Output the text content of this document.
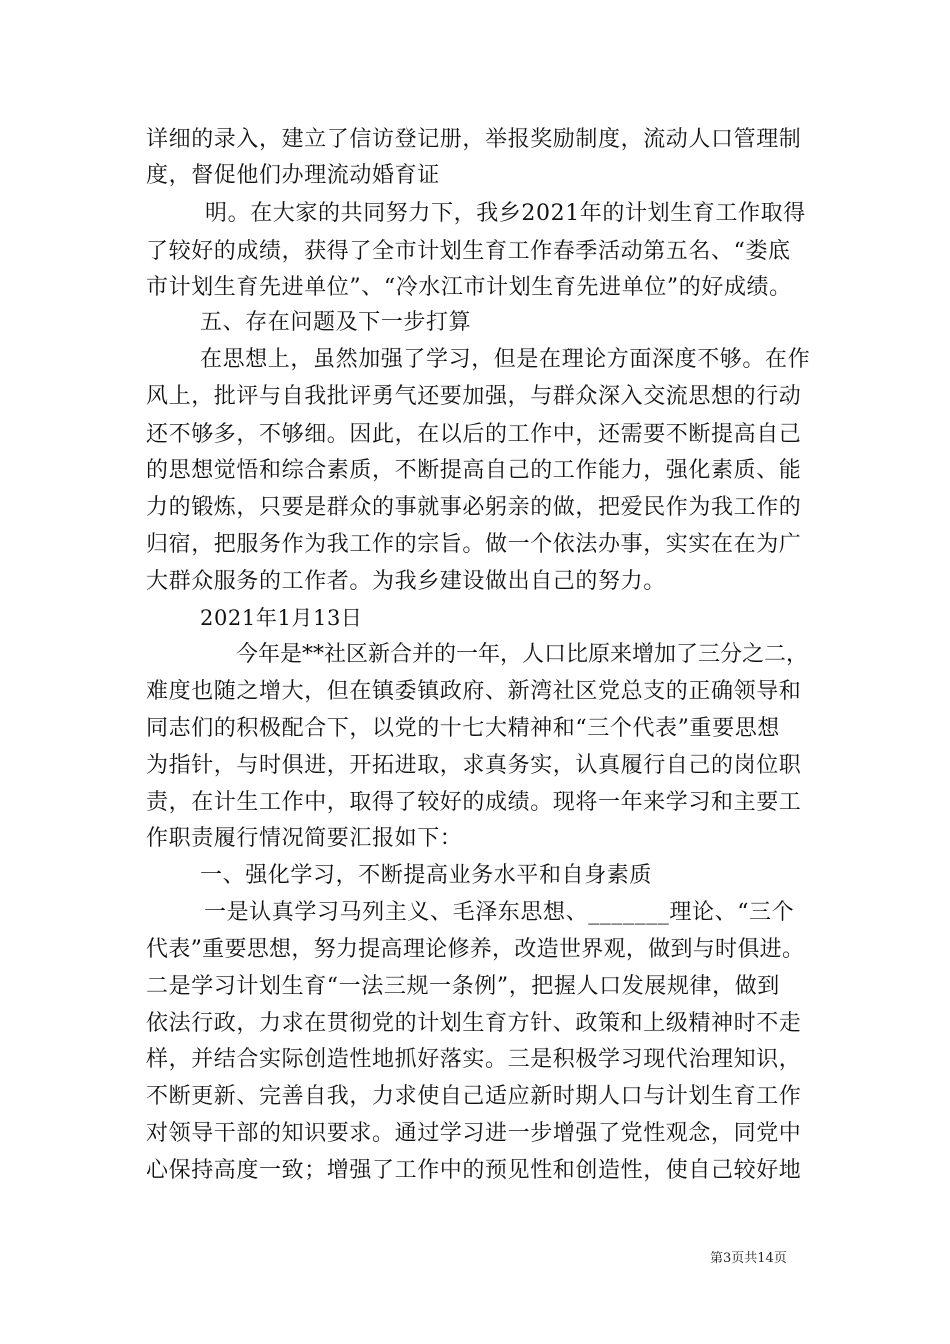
详细的录入，建立了信访登记册，举报奖励制度，流动人口管理制
度，督促他们办理流动婚育证
明。在大家的共同努力下，我乡2021年的计划生育工作取得
了较好的成绩，获得了全市计划生育工作春季活动第五名、“娄底
市计划生育先进单位”、“冷水江市计划生育先进单位”的好成绩。
五、存在问题及下一步打算
在思想上，虽然加强了学习，但是在理论方面深度不够。在作
风上，批评与自我批评勇气还要加强，与群众深入交流思想的行动
还不够多，不够细。因此，在以后的工作中，还需要不断提高自己
的思想觉悟和综合素质，不断提高自己的工作能力，强化素质、能
力的锻炼，只要是群众的事就事必躬亲的做，把爱民作为我工作的
归宿，把服务作为我工作的宗旨。做一个依法办事，实实在在为广
大群众服务的工作者。为我乡建设做出自己的努力。
2021年1月13日
今年是**社区新合并的一年，人口比原来增加了三分之二，
难度也随之增大，但在镇委镇政府、新湾社区党总支的正确领导和
同志们的积极配合下，以党的十七大精神和“三个代表”重要思想
为指针，与时俱进，开拓进取，求真务实，认真履行自己的岗位职
责，在计生工作中，取得了较好的成绩。现将一年来学习和主要工
作职责履行情况简要汇报如下：
一、强化学习，不断提高业务水平和自身素质
一是认真学习马列主义、毛泽东思想、_______理论、“三个
代表”重要思想，努力提高理论修养，改造世界观，做到与时俱进。
二是学习计划生育“一法三规一条例”，把握人口发展规律，做到
依法行政，力求在贯彻党的计划生育方针、政策和上级精神时不走
样，并结合实际创造性地抓好落实。三是积极学习现代治理知识，
不断更新、完善自我，力求使自己适应新时期人口与计划生育工作
对领导干部的知识要求。通过学习进一步增强了党性观念，同党中
心保持高度一致；增强了工作中的预见性和创造性，使自己较好地
第3页共14页
